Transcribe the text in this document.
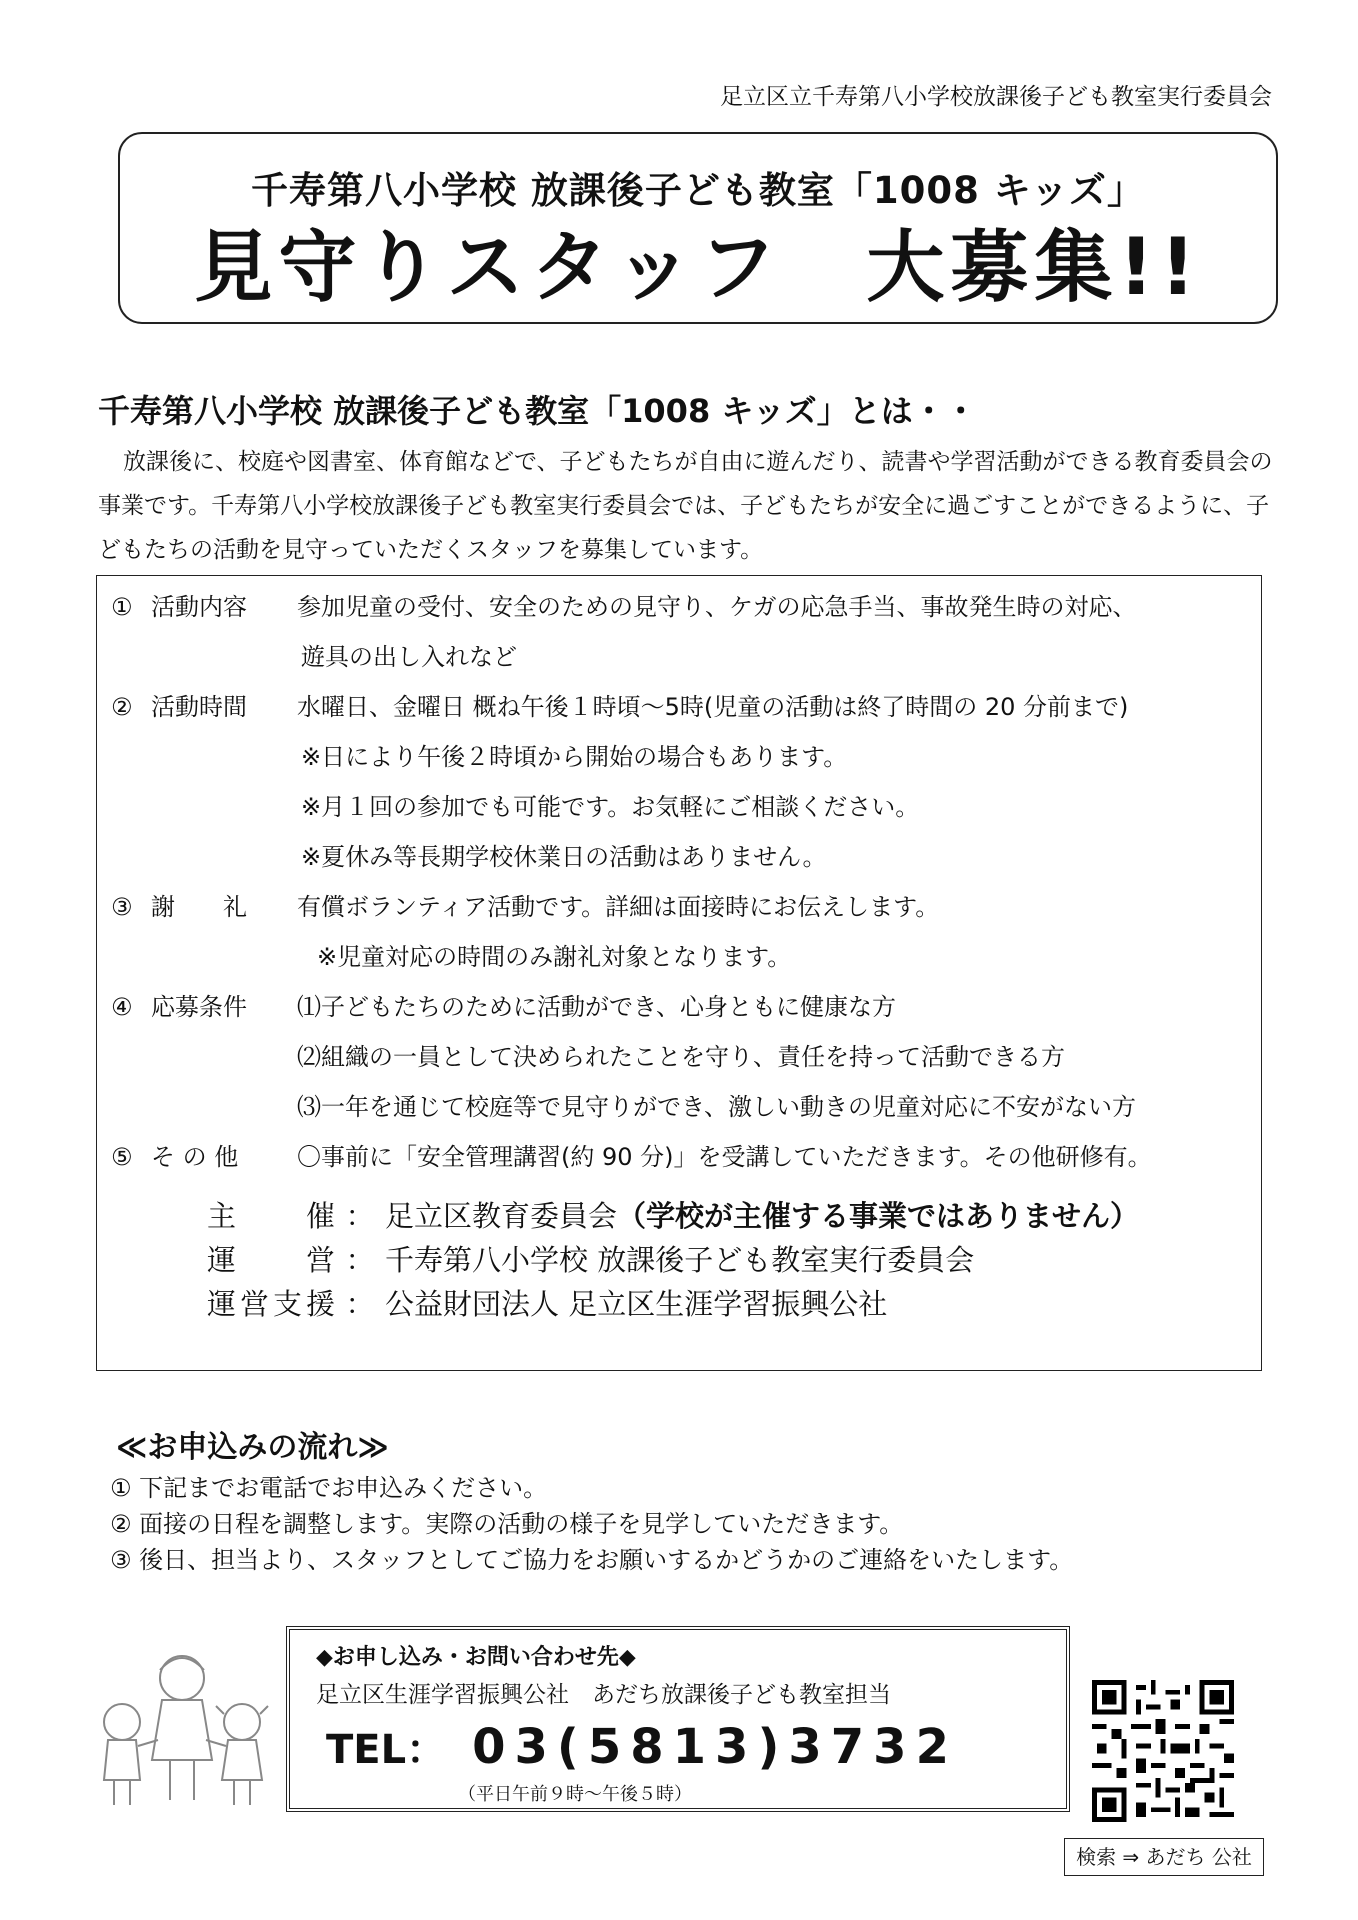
足立区立千寿第八小学校放課後子ども教室実行委員会
千寿第八小学校 放課後子ども教室「1008 キッズ」
見守りスタッフ　大募集!!
千寿第八小学校 放課後子ども教室「1008 キッズ」とは・・
放課後に、校庭や図書室、体育館などで、子どもたちが自由に遊んだり、読書や学習活動ができる教育委員会の事業です。千寿第八小学校放課後子ども教室実行委員会では、子どもたちが安全に過ごすことができるように、子どもたちの活動を見守っていただくスタッフを募集しています。
① 活動内容	参加児童の受付、安全のための見守り、ケガの応急手当、事故発生時の対応、
遊具の出し入れなど
② 活動時間	水曜日、金曜日 概ね午後１時頃～5時(児童の活動は終了時間の 20 分前まで)
※日により午後２時頃から開始の場合もあります。
※月１回の参加でも可能です。お気軽にご相談ください。
※夏休み等長期学校休業日の活動はありません。
③ 謝　　礼	有償ボランティア活動です。詳細は面接時にお伝えします。
※児童対応の時間のみ謝礼対象となります。
④ 応募条件	⑴子どもたちのために活動ができ、心身ともに健康な方
⑵組織の一員として決められたことを守り、責任を持って活動できる方
⑶一年を通じて校庭等で見守りができ、激しい動きの児童対応に不安がない方
⑤ そ の 他	〇事前に「安全管理講習(約 90 分)」を受講していただきます。その他研修有。
主催 ： 足立区教育委員会（学校が主催する事業ではありません）
運営 ： 千寿第八小学校 放課後子ども教室実行委員会
運営支援 ： 公益財団法人 足立区生涯学習振興公社
≪お申込みの流れ≫
① 下記までお電話でお申込みください。
② 面接の日程を調整します。実際の活動の様子を見学していただきます。
③ 後日、担当より、スタッフとしてご協力をお願いするかどうかのご連絡をいたします。
◆お申し込み・お問い合わせ先◆
足立区生涯学習振興公社　あだち放課後子ども教室担当
TEL： 03(5813)3732
（平日午前９時～午後５時）
検索 ⇒ あだち 公社
